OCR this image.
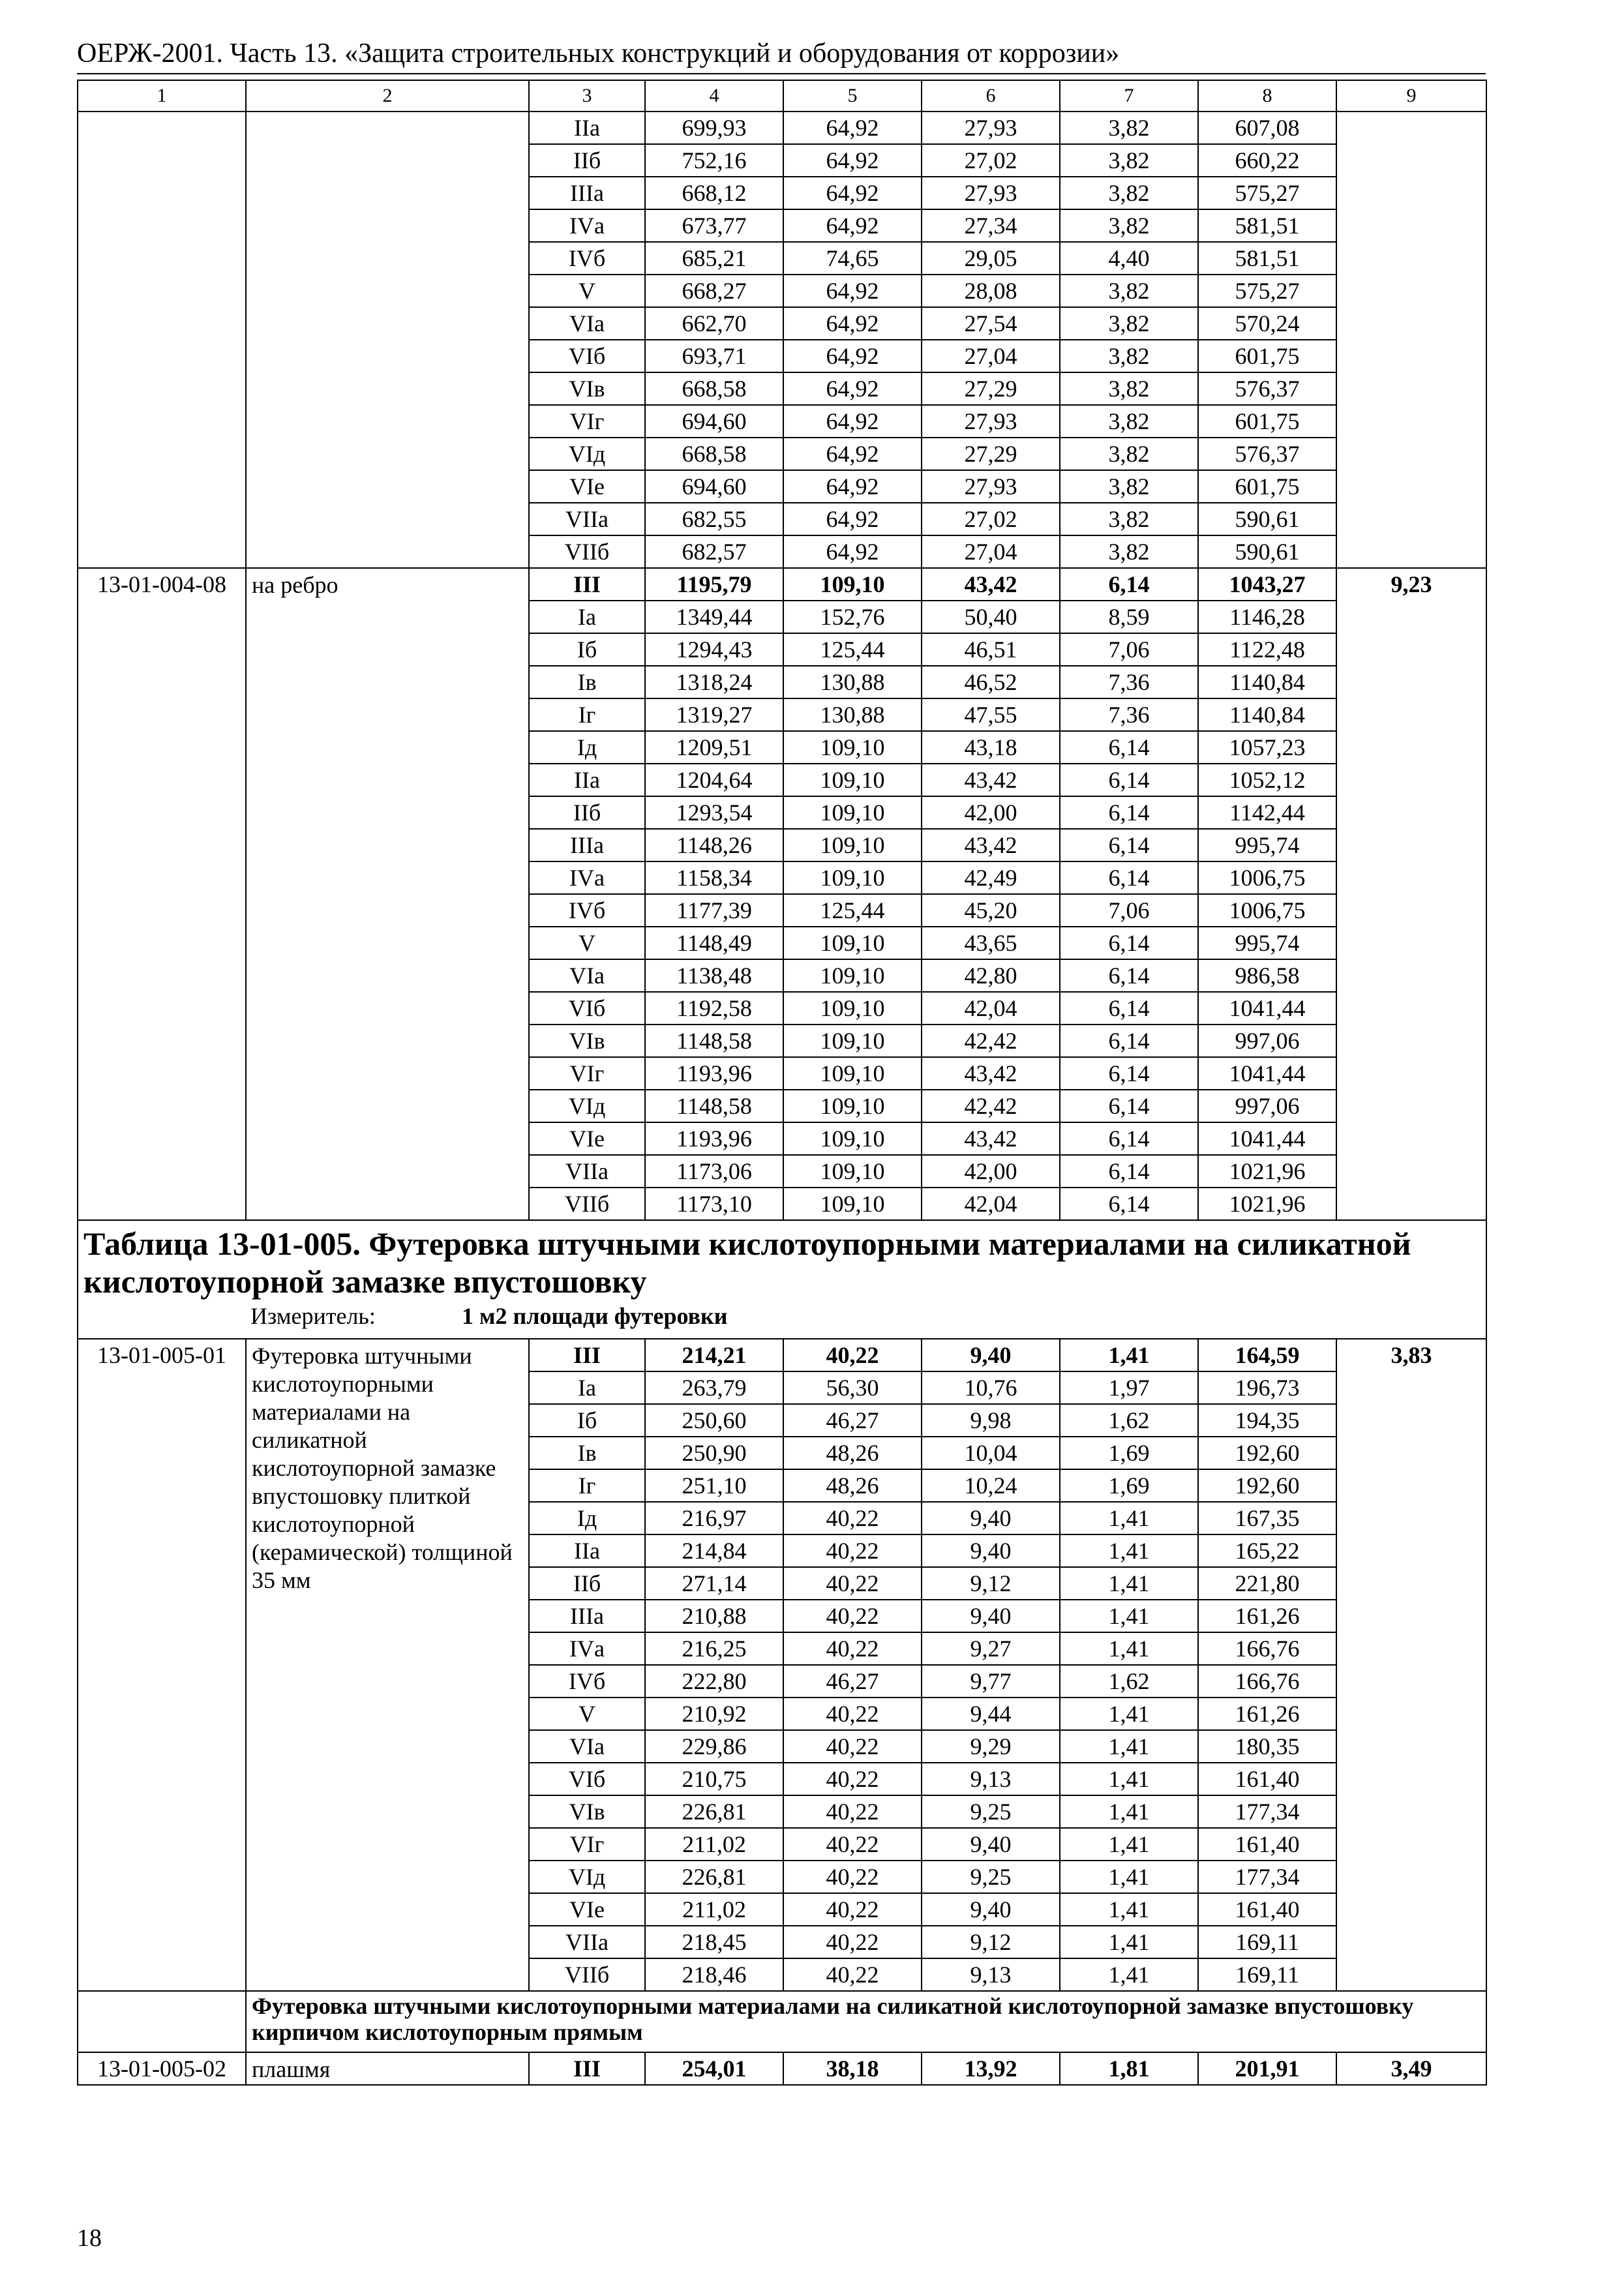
ОЕРЖ-2001. Часть 13. «Защита строительных конструкций и оборудования от коррозии»
1	2	3	4	5	6	7	8	9
		IIа	699,93	64,92	27,93	3,82	607,08	
		IIб	752,16	64,92	27,02	3,82	660,22	
		IIIа	668,12	64,92	27,93	3,82	575,27	
		IVа	673,77	64,92	27,34	3,82	581,51	
		IVб	685,21	74,65	29,05	4,40	581,51	
		V	668,27	64,92	28,08	3,82	575,27	
		VIа	662,70	64,92	27,54	3,82	570,24	
		VIб	693,71	64,92	27,04	3,82	601,75	
		VIв	668,58	64,92	27,29	3,82	576,37	
		VIг	694,60	64,92	27,93	3,82	601,75	
		VIд	668,58	64,92	27,29	3,82	576,37	
		VIе	694,60	64,92	27,93	3,82	601,75	
		VIIа	682,55	64,92	27,02	3,82	590,61	
		VIIб	682,57	64,92	27,04	3,82	590,61	
13-01-004-08	на ребро	III	1195,79	109,10	43,42	6,14	1043,27	9,23
		Iа	1349,44	152,76	50,40	8,59	1146,28	
		Iб	1294,43	125,44	46,51	7,06	1122,48	
		Iв	1318,24	130,88	46,52	7,36	1140,84	
		Iг	1319,27	130,88	47,55	7,36	1140,84	
		Iд	1209,51	109,10	43,18	6,14	1057,23	
		IIа	1204,64	109,10	43,42	6,14	1052,12	
		IIб	1293,54	109,10	42,00	6,14	1142,44	
		IIIа	1148,26	109,10	43,42	6,14	995,74	
		IVа	1158,34	109,10	42,49	6,14	1006,75	
		IVб	1177,39	125,44	45,20	7,06	1006,75	
		V	1148,49	109,10	43,65	6,14	995,74	
		VIа	1138,48	109,10	42,80	6,14	986,58	
		VIб	1192,58	109,10	42,04	6,14	1041,44	
		VIв	1148,58	109,10	42,42	6,14	997,06	
		VIг	1193,96	109,10	43,42	6,14	1041,44	
		VIд	1148,58	109,10	42,42	6,14	997,06	
		VIе	1193,96	109,10	43,42	6,14	1041,44	
		VIIа	1173,06	109,10	42,00	6,14	1021,96	
		VIIб	1173,10	109,10	42,04	6,14	1021,96	

Таблица 13-01-005. Футеровка штучными кислотоупорными материалами на силикатной кислотоупорной замазке впустошовку
Измеритель: 1 м2 площади футеровки								

13-01-005-01	Футеровка штучными кислотоупорными материалами на силикатной кислотоупорной замазке впустошовку плиткой кислотоупорной (керамической) толщиной 35 мм	III	214,21	40,22	9,40	1,41	164,59	3,83
		Iа	263,79	56,30	10,76	1,97	196,73	
		Iб	250,60	46,27	9,98	1,62	194,35	
		Iв	250,90	48,26	10,04	1,69	192,60	
		Iг	251,10	48,26	10,24	1,69	192,60	
		Iд	216,97	40,22	9,40	1,41	167,35	
		IIа	214,84	40,22	9,40	1,41	165,22	
		IIб	271,14	40,22	9,12	1,41	221,80	
		IIIа	210,88	40,22	9,40	1,41	161,26	
		IVа	216,25	40,22	9,27	1,41	166,76	
		IVб	222,80	46,27	9,77	1,62	166,76	
		V	210,92	40,22	9,44	1,41	161,26	
		VIа	229,86	40,22	9,29	1,41	180,35	
		VIб	210,75	40,22	9,13	1,41	161,40	
		VIв	226,81	40,22	9,25	1,41	177,34	
		VIг	211,02	40,22	9,40	1,41	161,40	
		VIд	226,81	40,22	9,25	1,41	177,34	
		VIе	211,02	40,22	9,40	1,41	161,40	
		VIIа	218,45	40,22	9,12	1,41	169,11	
		VIIб	218,46	40,22	9,13	1,41	169,11	
	Футеровка штучными кислотоупорными материалами на силикатной кислотоупорной замазке впустошовку кирпичом кислотоупорным прямым							
13-01-005-02	плашмя	III	254,01	38,18	13,92	1,81	201,91	3,49
18
